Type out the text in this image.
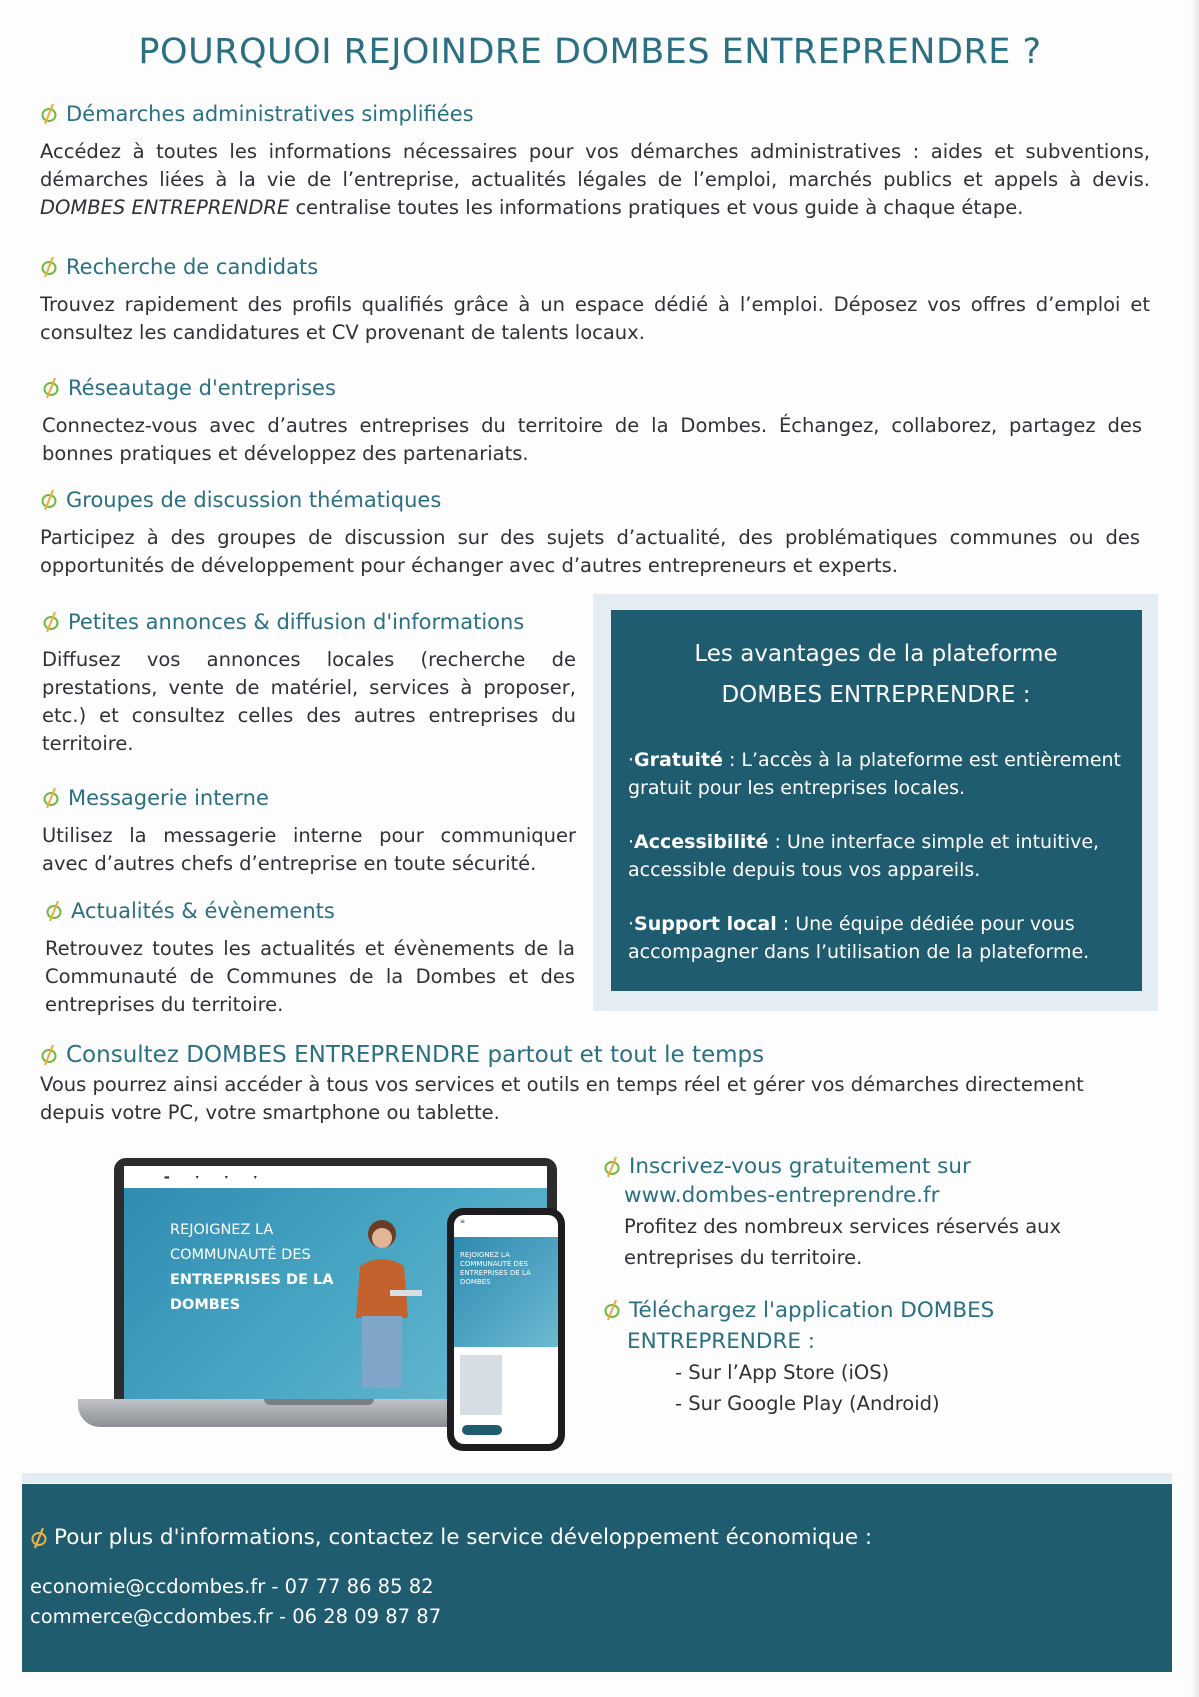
POURQUOI REJOINDRE DOMBES ENTREPRENDRE ?
Démarches administratives simplifiées

Accédez à toutes les informations nécessaires pour vos démarches administratives : aides et subventions, démarches liées à la vie de l’entreprise, actualités légales de l’emploi, marchés publics et appels à devis. DOMBES ENTREPRENDRE centralise toutes les informations pratiques et vous guide à chaque étape.

Recherche de candidats

Trouvez rapidement des profils qualifiés grâce à un espace dédié à l’emploi. Déposez vos offres d’emploi et consultez les candidatures et CV provenant de talents locaux.

Réseautage d'entreprises

Connectez-vous avec d’autres entreprises du territoire de la Dombes. Échangez, collaborez, partagez des bonnes pratiques et développez des partenariats.

Groupes de discussion thématiques

Participez à des groupes de discussion sur des sujets d’actualité, des problématiques communes ou des opportunités de développement pour échanger avec d’autres entrepreneurs et experts.

Petites annonces & diffusion d'informations

Diffusez vos annonces locales (recherche de prestations, vente de matériel, services à proposer, etc.) et consultez celles des autres entreprises du territoire.

Messagerie interne

Utilisez la messagerie interne pour communiquer avec d’autres chefs d’entreprise en toute sécurité.

Actualités & évènements

Retrouvez toutes les actualités et évènements de la Communauté de Communes de la Dombes et des entreprises du territoire.

Les avantages de la plateforme
DOMBES ENTREPRENDRE :

·Gratuité : L’accès à la plateforme est entièrement gratuit pour les entreprises locales.

·Accessibilité : Une interface simple et intuitive, accessible depuis tous vos appareils.

·Support local : Une équipe dédiée pour vous accompagner dans l’utilisation de la plateforme.

Consultez DOMBES ENTREPRENDRE partout et tout le temps

Vous pourrez ainsi accéder à tous vos services et outils en temps réel et gérer vos démarches directement depuis votre PC, votre smartphone ou tablette.

▬	▾	▾	▾
REJOIGNEZ LA
COMMUNAUTÉ DES
ENTREPRISES DE LA
DOMBES
≡
REJOIGNEZ LA
COMMUNAUTÉ DES
ENTREPRISES DE LA
DOMBES
Inscrivez-vous gratuitement sur
www.dombes-entreprendre.fr

Profitez des nombreux services réservés aux entreprises du territoire.

Téléchargez l'application DOMBES
ENTREPRENDRE :
- Sur l’App Store (iOS)
- Sur Google Play (Android)
Pour plus d'informations, contactez le service développement économique :

economie@ccdombes.fr - 07 77 86 85 82

commerce@ccdombes.fr - 06 28 09 87 87
